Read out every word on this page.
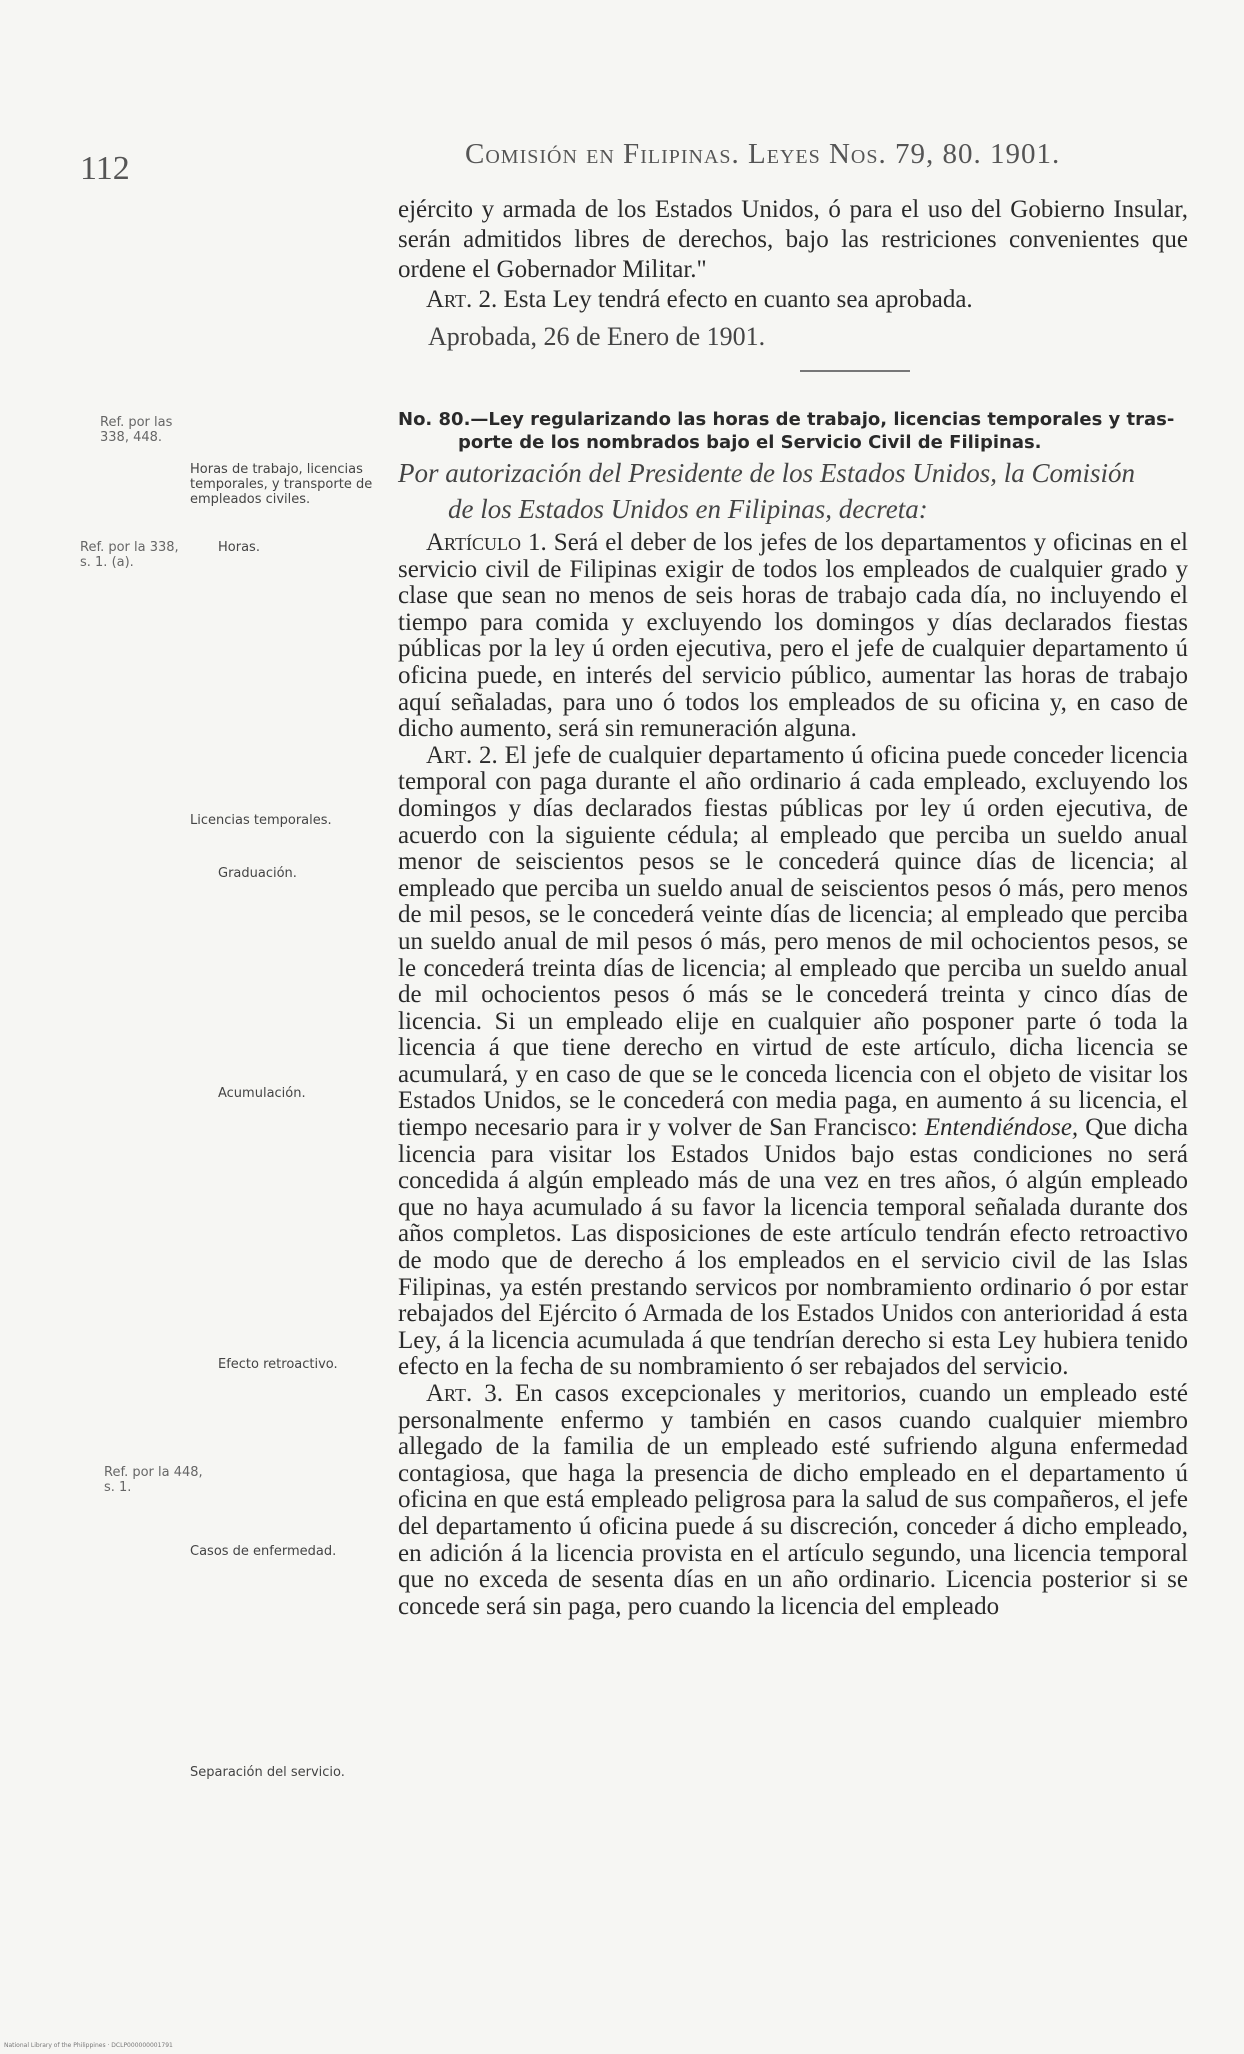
112	Comisión en Filipinas. Leyes Nos. 79, 80. 1901.

ejército y armada de los Estados Unidos, ó para el uso del Gobierno Insular, serán admitidos libres de derechos, bajo las restriciones convenientes que ordene el Gobernador Militar."

Art. 2. Esta Ley tendrá efecto en cuanto sea aprobada.

Aprobada, 26 de Enero de 1901.
No. 80.—Ley regularizando las horas de trabajo, licencias temporales y tras-
porte de los nombrados bajo el Servicio Civil de Filipinas.
Por autorización del Presidente de los Estados Unidos, la Comisión
de los Estados Unidos en Filipinas, decreta:

Artículo 1. Será el deber de los jefes de los departamentos y oficinas en el servicio civil de Filipinas exigir de todos los empleados de cualquier grado y clase que sean no menos de seis horas de trabajo cada día, no incluyendo el tiempo para comida y excluyendo los domingos y días declarados fiestas públicas por la ley ú orden ejecutiva, pero el jefe de cualquier departamento ú oficina puede, en interés del servicio público, aumentar las horas de trabajo aquí señaladas, para uno ó todos los empleados de su oficina y, en caso de dicho aumento, será sin remuneración alguna.

Art. 2. El jefe de cualquier departamento ú oficina puede conceder licencia temporal con paga durante el año ordinario á cada empleado, excluyendo los domingos y días declarados fiestas públicas por ley ú orden ejecutiva, de acuerdo con la siguiente cédula; al empleado que perciba un sueldo anual menor de seiscientos pesos se le concederá quince días de licencia; al empleado que perciba un sueldo anual de seiscientos pesos ó más, pero menos de mil pesos, se le concederá veinte días de licencia; al empleado que perciba un sueldo anual de mil pesos ó más, pero menos de mil ochocientos pesos, se le concederá treinta días de licencia; al empleado que perciba un sueldo anual de mil ochocientos pesos ó más se le concederá treinta y cinco días de licencia. Si un empleado elije en cualquier año posponer parte ó toda la licencia á que tiene derecho en virtud de este artículo, dicha licencia se acumulará, y en caso de que se le conceda licencia con el objeto de visitar los Estados Unidos, se le concederá con media paga, en aumento á su licencia, el tiempo necesario para ir y volver de San Francisco: Entendiéndose, Que dicha licencia para visitar los Estados Unidos bajo estas condiciones no será concedida á algún empleado más de una vez en tres años, ó algún empleado que no haya acumulado á su favor la licencia temporal señalada durante dos años completos. Las disposiciones de este artículo tendrán efecto retroactivo de modo que de derecho á los empleados en el servicio civil de las Islas Filipinas, ya estén prestando servicos por nombramiento ordinario ó por estar rebajados del Ejército ó Armada de los Estados Unidos con anterioridad á esta Ley, á la licencia acumulada á que tendrían derecho si esta Ley hubiera tenido efecto en la fecha de su nombramiento ó ser rebajados del servicio.

Art. 3. En casos excepcionales y meritorios, cuando un empleado esté personalmente enfermo y también en casos cuando cualquier miembro allegado de la familia de un empleado esté sufriendo alguna enfermedad contagiosa, que haga la presencia de dicho empleado en el departamento ú oficina en que está empleado peligrosa para la salud de sus compañeros, el jefe del departamento ú oficina puede á su discreción, conceder á dicho empleado, en adición á la licencia provista en el artículo segundo, una licencia temporal que no exceda de sesenta días en un año ordinario. Licencia posterior si se concede será sin paga, pero cuando la licencia del empleado

Ref. por las 338, 448.
Horas de trabajo, licencias temporales, y transporte de empleados civiles.
Ref. por la 338, s. 1. (a).
Horas.
Licencias temporales.
Graduación.
Acumulación.
Efecto retroactivo.
Ref. por la 448, s. 1.
Casos de enfermedad.
Separación del servicio.
National Library of the Philippines · DCLP000000001791
